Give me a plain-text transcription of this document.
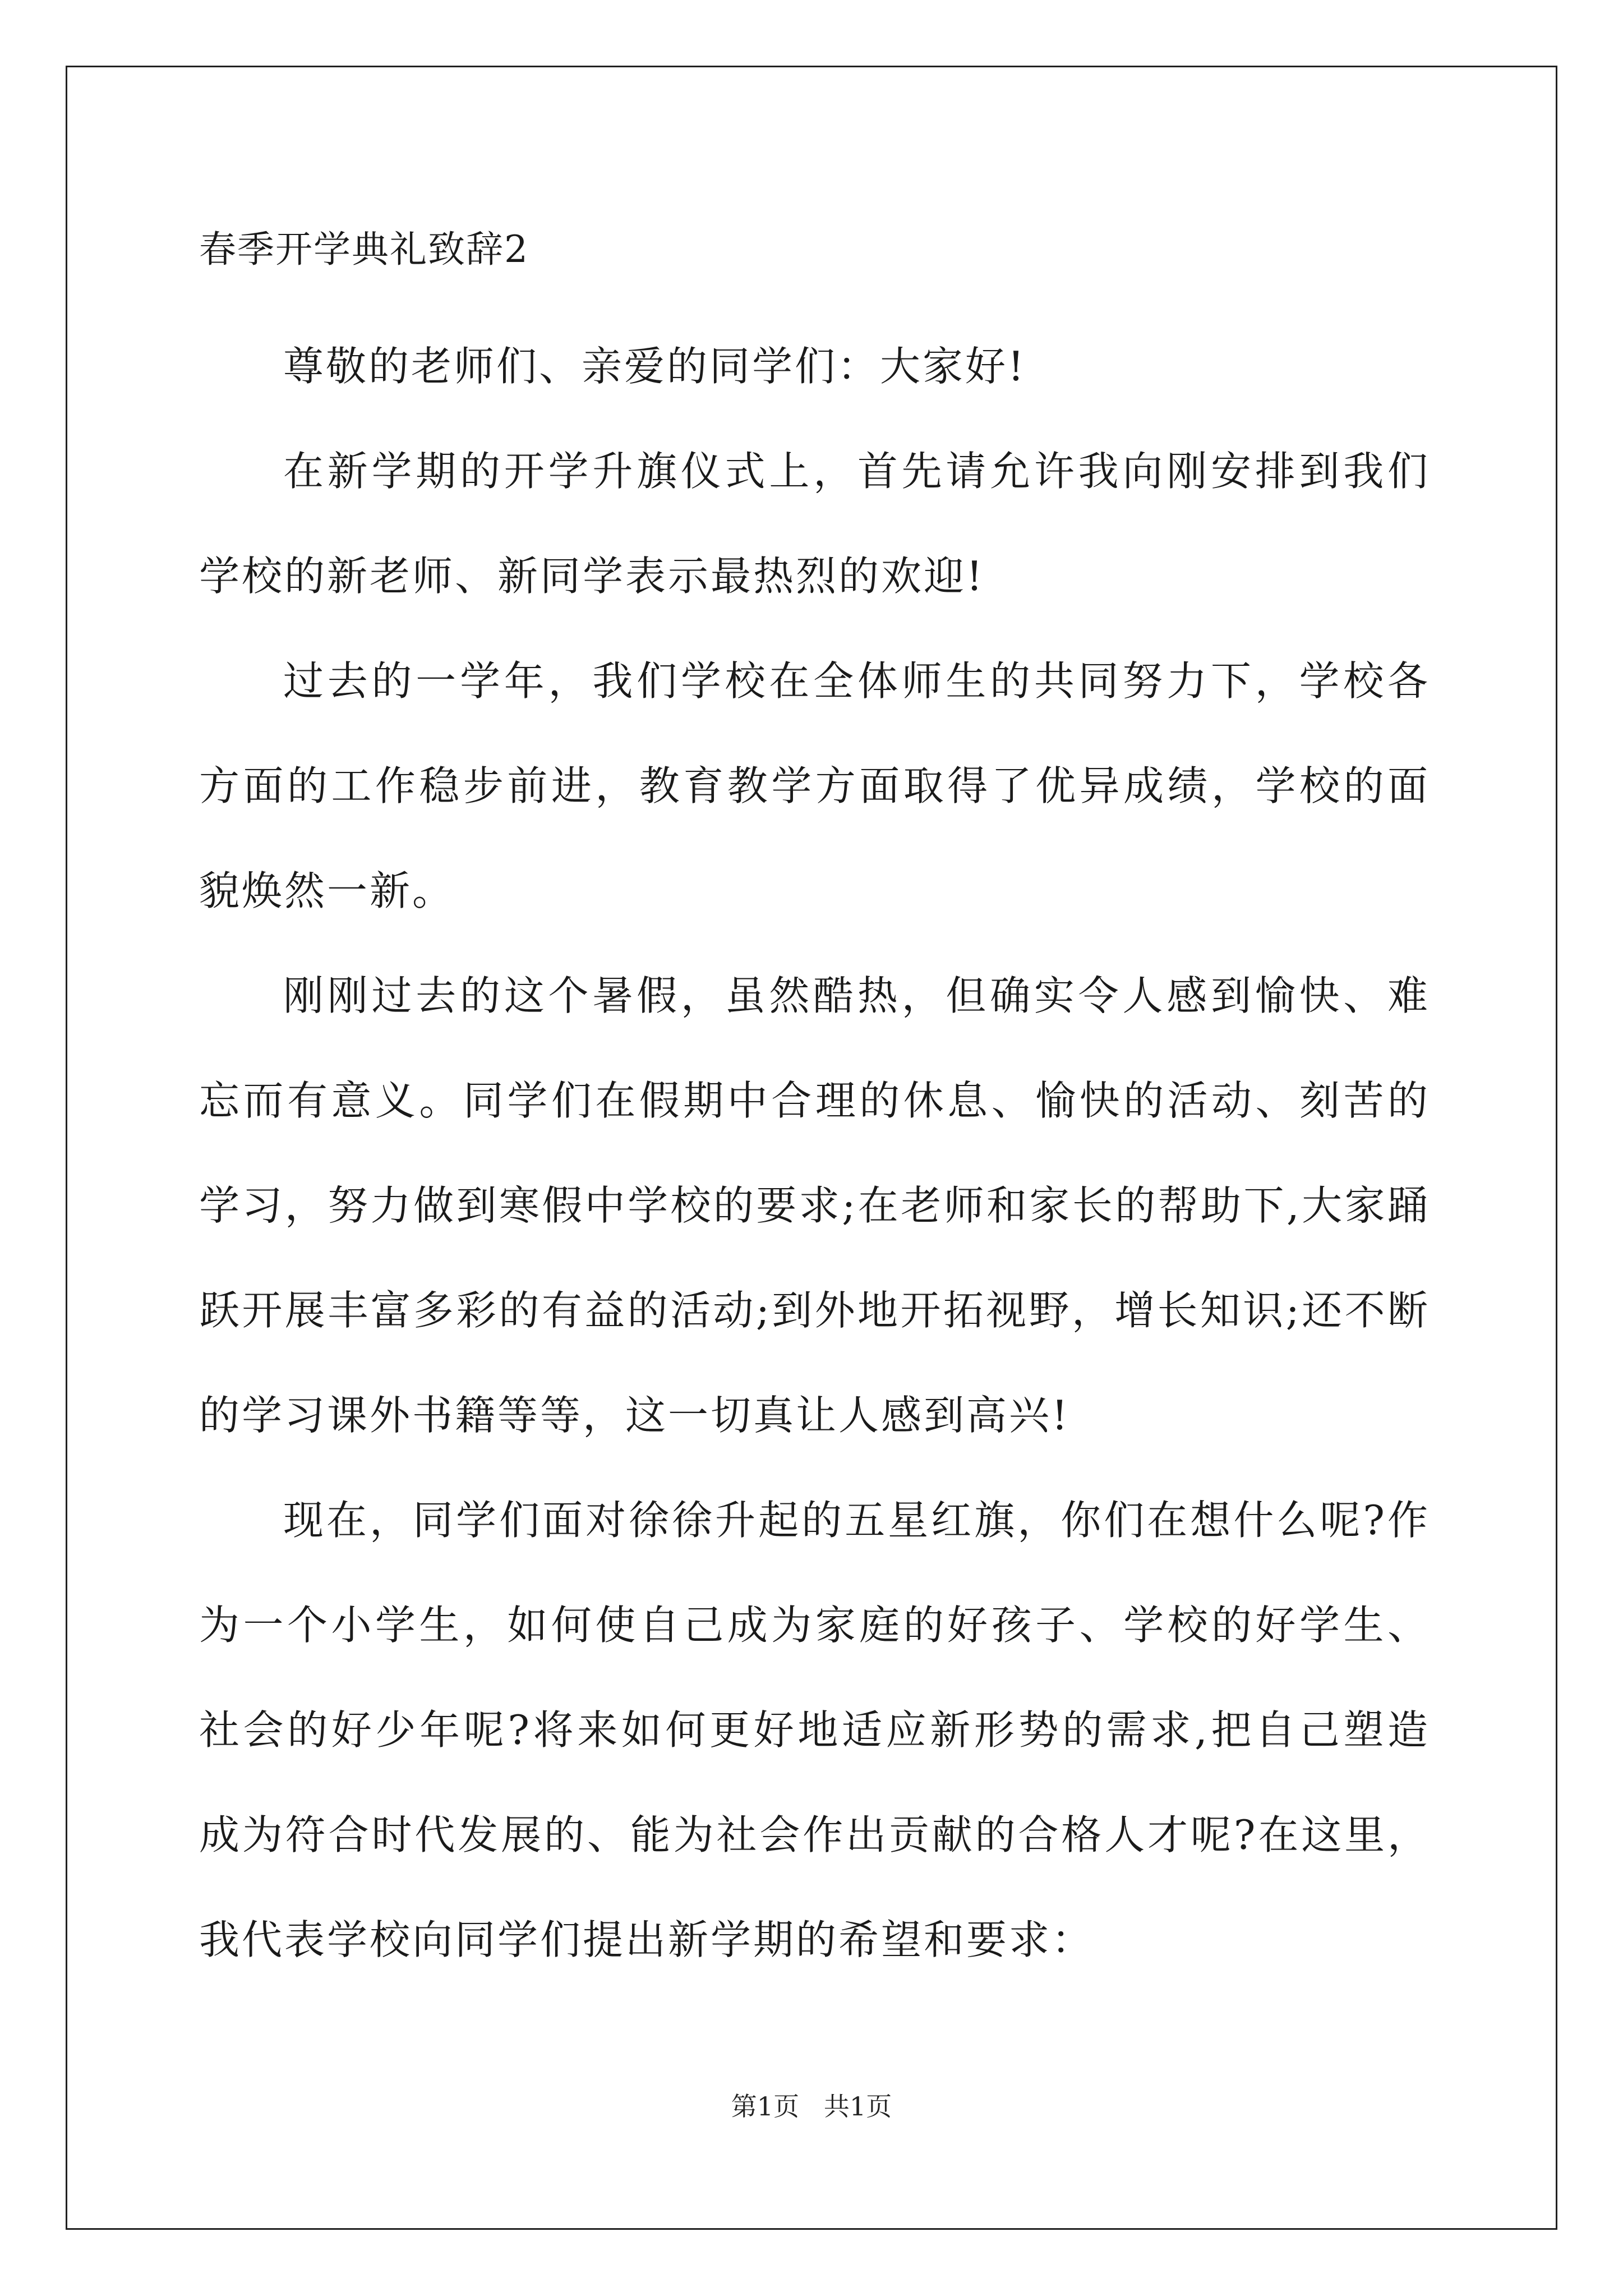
春季开学典礼致辞2

尊敬的老师们、亲爱的同学们：大家好!

在新学期的开学升旗仪式上，首先请允许我向刚安排到我们学校的新老师、新同学表示最热烈的欢迎!

过去的一学年，我们学校在全体师生的共同努力下，学校各方面的工作稳步前进，教育教学方面取得了优异成绩，学校的面貌焕然一新。

刚刚过去的这个暑假，虽然酷热，但确实令人感到愉快、难忘而有意义。同学们在假期中合理的休息、愉快的活动、刻苦的学习，努力做到寒假中学校的要求;在老师和家长的帮助下,大家踊跃开展丰富多彩的有益的活动;到外地开拓视野，增长知识;还不断的学习课外书籍等等，这一切真让人感到高兴!

现在，同学们面对徐徐升起的五星红旗，你们在想什么呢?作为一个小学生，如何使自己成为家庭的好孩子、学校的好学生、社会的好少年呢?将来如何更好地适应新形势的需求,把自己塑造成为符合时代发展的、能为社会作出贡献的合格人才呢?在这里，我代表学校向同学们提出新学期的希望和要求：

第1页   共1页
